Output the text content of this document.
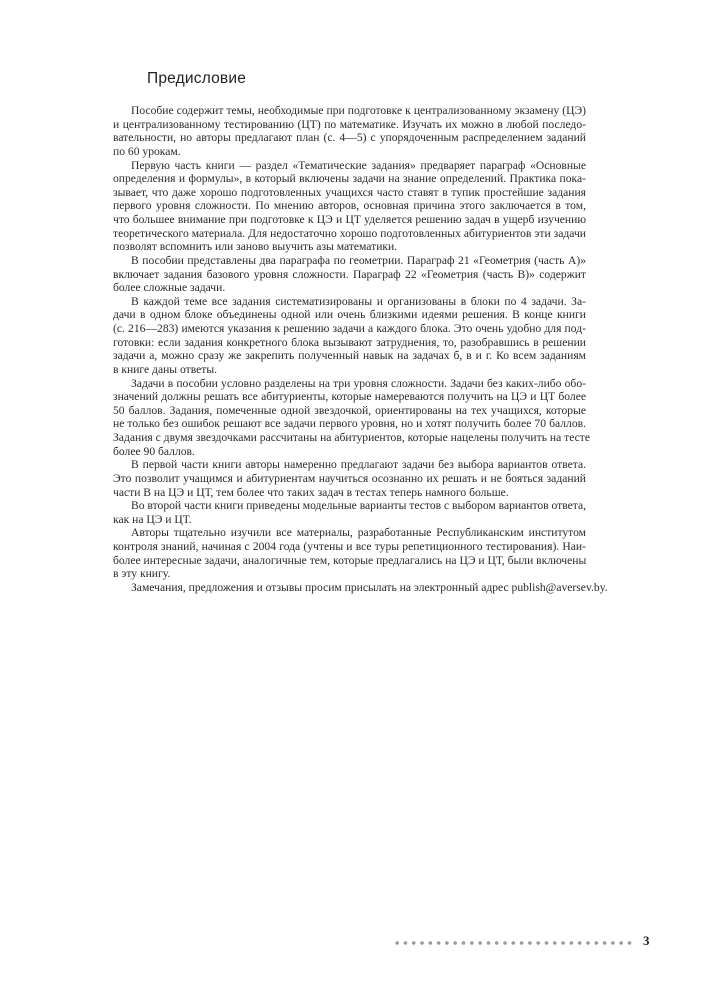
Предисловие
Пособие содержит темы, необходимые при подготовке к централизованному экзамену (ЦЭ)
и централизованному тестированию (ЦТ) по математике. Изучать их можно в любой последо-
вательности, но авторы предлагают план (с. 4—5) с упорядоченным распределением заданий
по 60 урокам.
Первую часть книги — раздел «Тематические задания» предваряет параграф «Основные
определения и формулы», в который включены задачи на знание определений. Практика пока-
зывает, что даже хорошо подготовленных учащихся часто ставят в тупик простейшие задания
первого уровня сложности. По мнению авторов, основная причина этого заключается в том,
что большее внимание при подготовке к ЦЭ и ЦТ уделяется решению задач в ущерб изучению
теоретического материала. Для недостаточно хорошо подготовленных абитуриентов эти задачи
позволят вспомнить или заново выучить азы математики.
В пособии представлены два параграфа по геометрии. Параграф 21 «Геометрия (часть А)»
включает задания базового уровня сложности. Параграф 22 «Геометрия (часть В)» содержит
более сложные задачи.
В каждой теме все задания систематизированы и организованы в блоки по 4 задачи. За-
дачи в одном блоке объединены одной или очень близкими идеями решения. В конце книги
(с. 216—283) имеются указания к решению задачи а каждого блока. Это очень удобно для под-
готовки: если задания конкретного блока вызывают затруднения, то, разобравшись в решении
задачи а, можно сразу же закрепить полученный навык на задачах б, в и г. Ко всем заданиям
в книге даны ответы.
Задачи в пособии условно разделены на три уровня сложности. Задачи без каких-либо обо-
значений должны решать все абитуриенты, которые намереваются получить на ЦЭ и ЦТ более
50 баллов. Задания, помеченные одной звездочкой, ориентированы на тех учащихся, которые
не только без ошибок решают все задачи первого уровня, но и хотят получить более 70 баллов.
Задания с двумя звездочками рассчитаны на абитуриентов, которые нацелены получить на тесте
более 90 баллов.
В первой части книги авторы намеренно предлагают задачи без выбора вариантов ответа.
Это позволит учащимся и абитуриентам научиться осознанно их решать и не бояться заданий
части В на ЦЭ и ЦТ, тем более что таких задач в тестах теперь намного больше.
Во второй части книги приведены модельные варианты тестов с выбором вариантов ответа,
как на ЦЭ и ЦТ.
Авторы тщательно изучили все материалы, разработанные Республиканским институтом
контроля знаний, начиная с 2004 года (учтены и все туры репетиционного тестирования). Наи-
более интересные задачи, аналогичные тем, которые предлагались на ЦЭ и ЦТ, были включены
в эту книгу.
Замечания, предложения и отзывы просим присылать на электронный адрес publish@aversev.by.
3
